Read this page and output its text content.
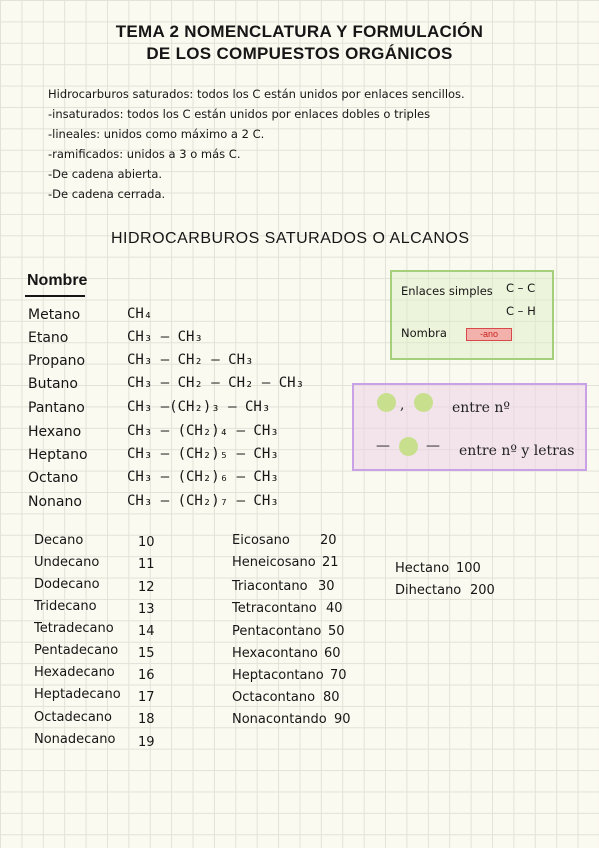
TEMA 2 NOMENCLATURA Y FORMULACIÓN
DE LOS COMPUESTOS ORGÁNICOS
Hidrocarburos saturados: todos los C están unidos por enlaces sencillos.
-insaturados: todos los C están unidos por enlaces dobles o triples
-lineales: unidos como máximo a 2 C.
-ramificados: unidos a 3 o más C.
-De cadena abierta.
-De cadena cerrada.
HIDROCARBUROS SATURADOS O ALCANOS
Nombre
Metano	CH₄
Etano	CH₃ – CH₃
Propano	CH₃ – CH₂ – CH₃
Butano	CH₃ – CH₂ – CH₂ – CH₃
Pantano	CH₃ –(CH₂)₃ – CH₃
Hexano	CH₃ – (CH₂)₄ – CH₃
Heptano	CH₃ – (CH₂)₅ – CH₃
Octano	CH₃ – (CH₂)₆ – CH₃
Nonano	CH₃ – (CH₂)₇ – CH₃
Enlaces simples C – C
C – H
Nombra	-ano
,	entre nº
—	— entre nº y letras
Decano	10
Undecano	11
Dodecano	12
Tridecano	13
Tetradecano 14
Pentadecano 15
Hexadecano 16
Heptadecano 17
Octadecano 18
Nonadecano 19
Eicosano 20
Heneicosano 21
Triacontano 30
Tetracontano 40
Pentacontano 50
Hexacontano 60
Heptacontano 70
Octacontano 80
Nonacontando 90
Hectano 100
Dihectano 200
